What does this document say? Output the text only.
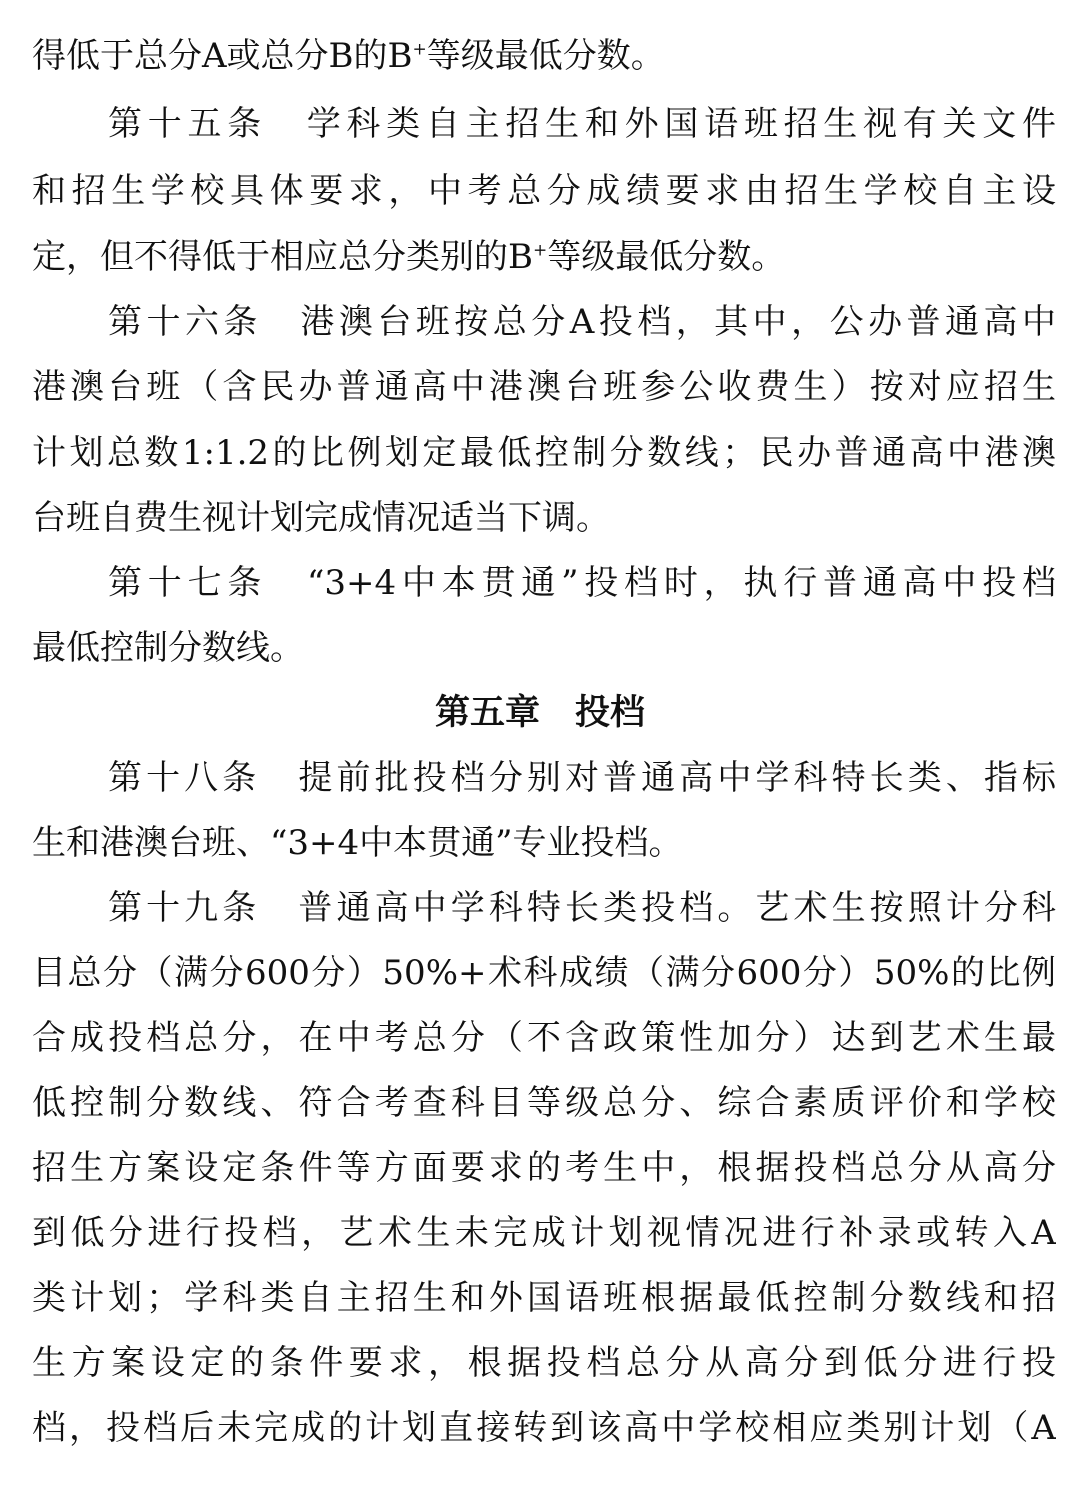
得低于总分A或总分B的B+等级最低分数。
第十五条　学科类自主招生和外国语班招生视有关文件
和招生学校具体要求，中考总分成绩要求由招生学校自主设
定，但不得低于相应总分类别的B+等级最低分数。
第十六条　港澳台班按总分A投档，其中，公办普通高中
港澳台班（含民办普通高中港澳台班参公收费生）按对应招生
计划总数1:1.2的比例划定最低控制分数线；民办普通高中港澳
台班自费生视计划完成情况适当下调。
第十七条　“3+4中本贯通”投档时，执行普通高中投档
最低控制分数线。
第五章　投档
第十八条　提前批投档分别对普通高中学科特长类、指标
生和港澳台班、“3+4中本贯通”专业投档。
第十九条　普通高中学科特长类投档。艺术生按照计分科
目总分（满分600分）50%+术科成绩（满分600分）50%的比例
合成投档总分，在中考总分（不含政策性加分）达到艺术生最
低控制分数线、符合考查科目等级总分、综合素质评价和学校
招生方案设定条件等方面要求的考生中，根据投档总分从高分
到低分进行投档，艺术生未完成计划视情况进行补录或转入A
类计划；学科类自主招生和外国语班根据最低控制分数线和招
生方案设定的条件要求，根据投档总分从高分到低分进行投
档，投档后未完成的计划直接转到该高中学校相应类别计划（A
